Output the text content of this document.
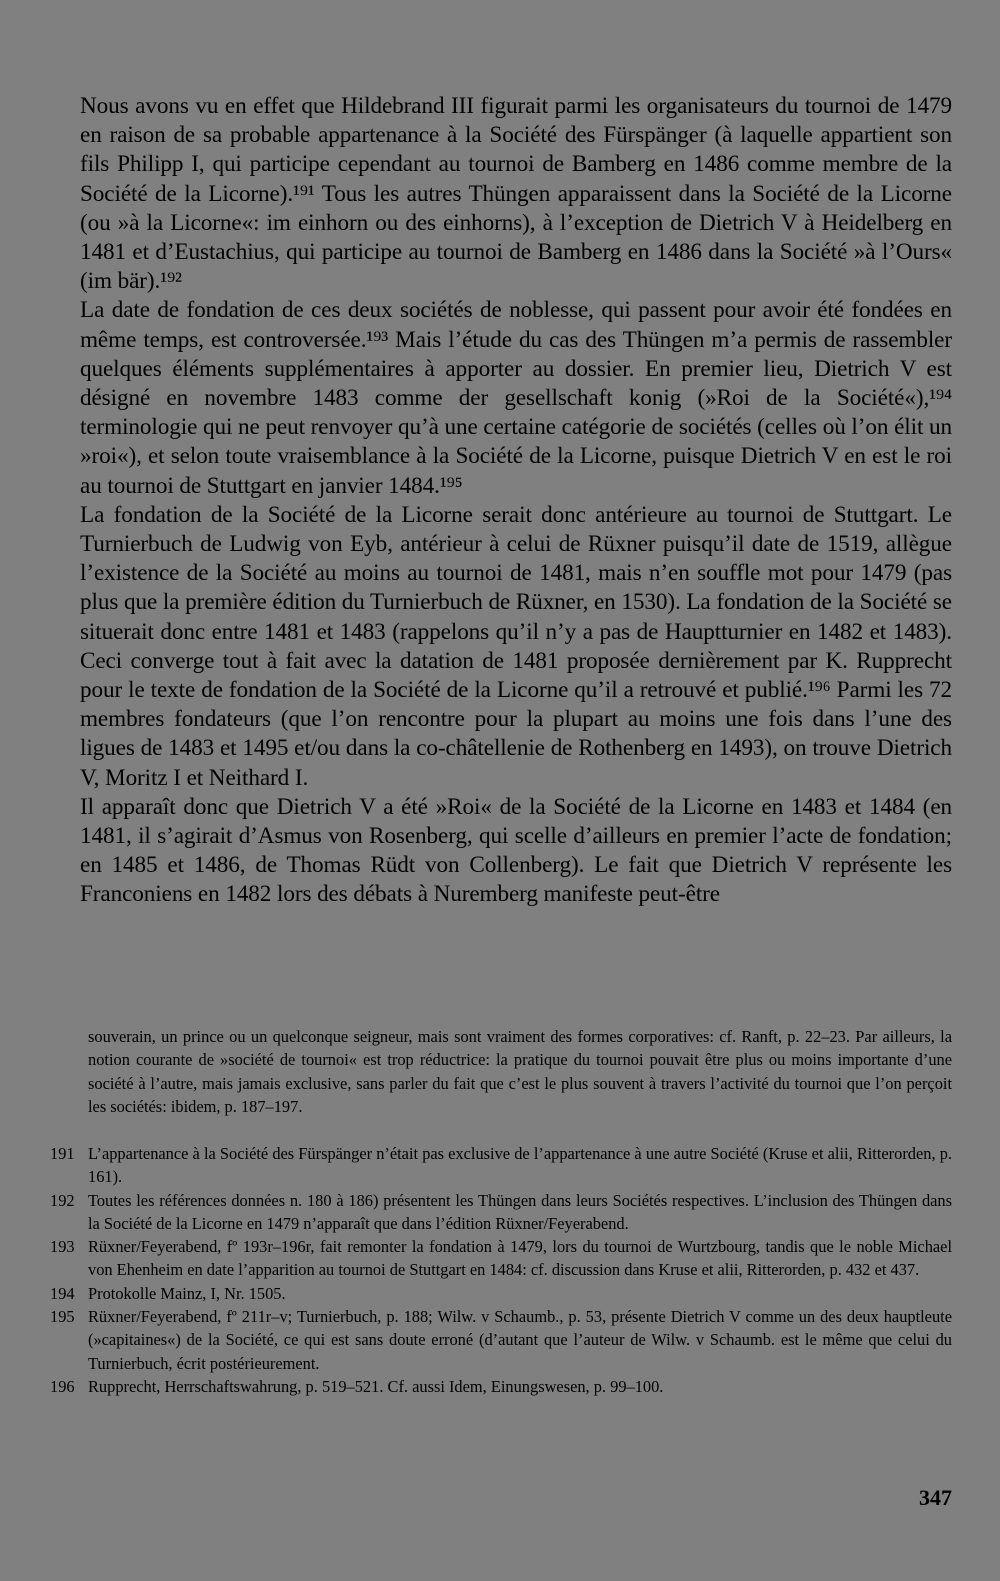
Nous avons vu en effet que Hildebrand III figurait parmi les organisateurs du tournoi de 1479 en raison de sa probable appartenance à la Société des Fürspänger (à laquelle appartient son fils Philipp I, qui participe cependant au tournoi de Bamberg en 1486 comme membre de la Société de la Licorne).¹⁹¹ Tous les autres Thüngen apparaissent dans la Société de la Licorne (ou »à la Licorne«: im einhorn ou des einhorns), à l’exception de Dietrich V à Heidelberg en 1481 et d’Eustachius, qui participe au tournoi de Bamberg en 1486 dans la Société »à l’Ours« (im bär).¹⁹²

La date de fondation de ces deux sociétés de noblesse, qui passent pour avoir été fondées en même temps, est controversée.¹⁹³ Mais l’étude du cas des Thüngen m’a permis de rassembler quelques éléments supplémentaires à apporter au dossier. En premier lieu, Dietrich V est désigné en novembre 1483 comme der gesellschaft konig (»Roi de la Société«),¹⁹⁴ terminologie qui ne peut renvoyer qu’à une certaine catégorie de sociétés (celles où l’on élit un »roi«), et selon toute vraisemblance à la Société de la Licorne, puisque Dietrich V en est le roi au tournoi de Stuttgart en janvier 1484.¹⁹⁵

La fondation de la Société de la Licorne serait donc antérieure au tournoi de Stuttgart. Le Turnierbuch de Ludwig von Eyb, antérieur à celui de Rüxner puisqu’il date de 1519, allègue l’existence de la Société au moins au tournoi de 1481, mais n’en souffle mot pour 1479 (pas plus que la première édition du Turnierbuch de Rüxner, en 1530). La fondation de la Société se situerait donc entre 1481 et 1483 (rappelons qu’il n’y a pas de Hauptturnier en 1482 et 1483). Ceci converge tout à fait avec la datation de 1481 proposée dernièrement par K. Rupprecht pour le texte de fondation de la Société de la Licorne qu’il a retrouvé et publié.¹⁹⁶ Parmi les 72 membres fondateurs (que l’on rencontre pour la plupart au moins une fois dans l’une des ligues de 1483 et 1495 et/ou dans la co-châtellenie de Rothenberg en 1493), on trouve Dietrich V, Moritz I et Neithard I.

Il apparaît donc que Dietrich V a été »Roi« de la Société de la Licorne en 1483 et 1484 (en 1481, il s’agirait d’Asmus von Rosenberg, qui scelle d’ailleurs en premier l’acte de fondation; en 1485 et 1486, de Thomas Rüdt von Collenberg). Le fait que Dietrich V représente les Franconiens en 1482 lors des débats à Nuremberg manifeste peut-être

souverain, un prince ou un quelconque seigneur, mais sont vraiment des formes corporatives: cf. Ranft, p. 22–23. Par ailleurs, la notion courante de »société de tournoi« est trop réductrice: la pratique du tournoi pouvait être plus ou moins importante d’une société à l’autre, mais jamais exclusive, sans parler du fait que c’est le plus souvent à travers l’activité du tournoi que l’on perçoit les sociétés: ibidem, p. 187–197.
191 L’appartenance à la Société des Fürspänger n’était pas exclusive de l’appartenance à une autre Société (Kruse et alii, Ritterorden, p. 161).
192 Toutes les références données n. 180 à 186) présentent les Thüngen dans leurs Sociétés respectives. L’inclusion des Thüngen dans la Société de la Licorne en 1479 n’apparaît que dans l’édition Rüxner/Feyerabend.
193 Rüxner/Feyerabend, fº 193r–196r, fait remonter la fondation à 1479, lors du tournoi de Wurtzbourg, tandis que le noble Michael von Ehenheim en date l’apparition au tournoi de Stuttgart en 1484: cf. discussion dans Kruse et alii, Ritterorden, p. 432 et 437.
194 Protokolle Mainz, I, Nr. 1505.
195 Rüxner/Feyerabend, fº 211r–v; Turnierbuch, p. 188; Wilw. v Schaumb., p. 53, présente Dietrich V comme un des deux hauptleute (»capitaines«) de la Société, ce qui est sans doute erroné (d’autant que l’auteur de Wilw. v Schaumb. est le même que celui du Turnierbuch, écrit postérieurement.
196 Rupprecht, Herrschaftswahrung, p. 519–521. Cf. aussi Idem, Einungswesen, p. 99–100.
347
